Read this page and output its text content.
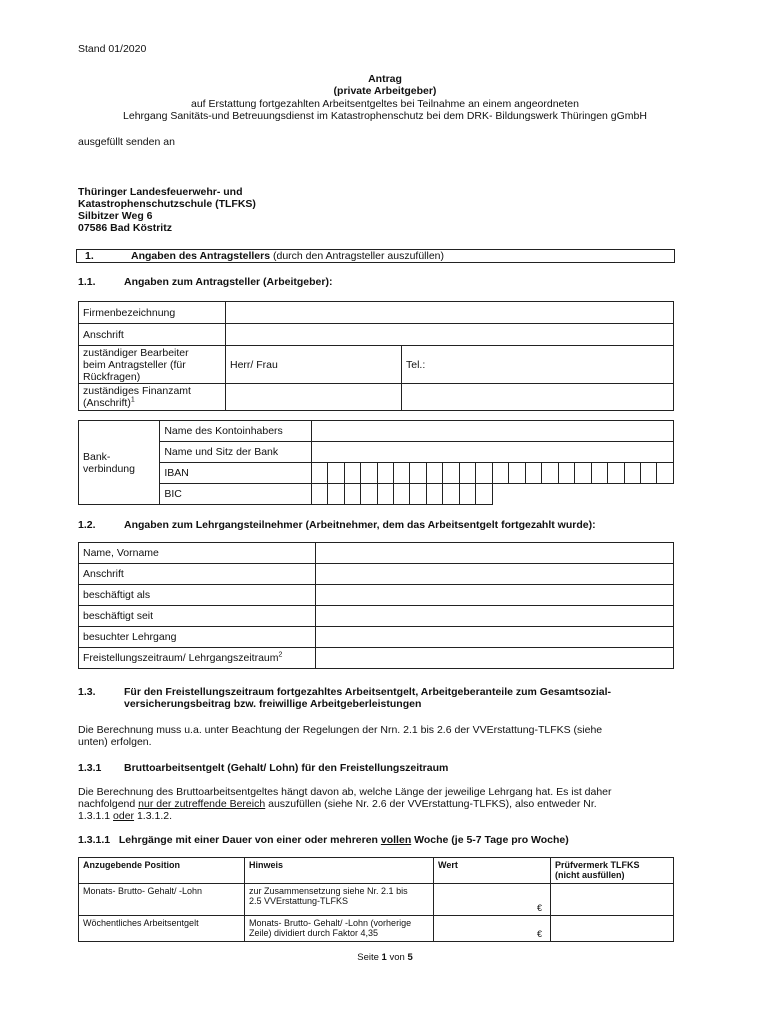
Stand 01/2020
Antrag
(private Arbeitgeber)
auf Erstattung fortgezahlten Arbeitsentgeltes bei Teilnahme an einem angeordneten
Lehrgang Sanitäts-und Betreuungsdienst im Katastrophenschutz bei dem DRK- Bildungswerk Thüringen gGmbH
ausgefüllt senden an
Thüringer Landesfeuerwehr- und
Katastrophenschutzschule (TLFKS)
Silbitzer Weg 6
07586 Bad Köstritz
1.	Angaben des Antragstellers (durch den Antragsteller auszufüllen)
1.1.	Angaben zum Antragsteller (Arbeitgeber):
Firmenbezeichnung		
Anschrift		

zuständiger Bearbeiter
beim Antragsteller (für
Rückfragen)	Herr/ Frau	Tel.:

zuständiges Finanzamt
(Anschrift)$^1$

Bank-
verbindung	Name des Kontoinhabers																						
	Name und Sitz der Bank																						
	IBAN																						
	BIC																						
1.2.	Angaben zum Lehrgangsteilnehmer (Arbeitnehmer, dem das Arbeitsentgelt fortgezahlt wurde):
Name, Vorname	
Anschrift	
beschäftigt als	
beschäftigt seit	
besuchter Lehrgang	
Freistellungszeitraum/ Lehrgangszeitraum$^2$	
1.3.	Für den Freistellungszeitraum fortgezahltes Arbeitsentgelt, Arbeitgeberanteile zum Gesamtsozial-
versicherungsbeitrag bzw. freiwillige Arbeitgeberleistungen
Die Berechnung muss u.a. unter Beachtung der Regelungen der Nrn. 2.1 bis 2.6 der VVErstattung-TLFKS (siehe
unten) erfolgen.
1.3.1 Bruttoarbeitsentgelt (Gehalt/ Lohn) für den Freistellungszeitraum
Die Berechnung des Bruttoarbeitsentgeltes hängt davon ab, welche Länge der jeweilige Lehrgang hat. Es ist daher
nachfolgend nur der zutreffende Bereich auszufüllen (siehe Nr. 2.6 der VVErstattung-TLFKS), also entweder Nr.
1.3.1.1 oder 1.3.1.2.
1.3.1.1 Lehrgänge mit einer Dauer von einer oder mehreren vollen Woche (je 5-7 Tage pro Woche)
Anzugebende Position	Hinweis	Wert	Prüfvermerk TLFKS
(nicht ausfüllen)

Monats- Brutto- Gehalt/ -Lohn	zur Zusammensetzung siehe Nr. 2.1 bis
2.5 VVErstattung-TLFKS	€	

Wöchentliches Arbeitsentgelt	Monats- Brutto- Gehalt/ -Lohn (vorherige
Zeile) dividiert durch Faktor 4,35	€	

Seite 1 von 5
